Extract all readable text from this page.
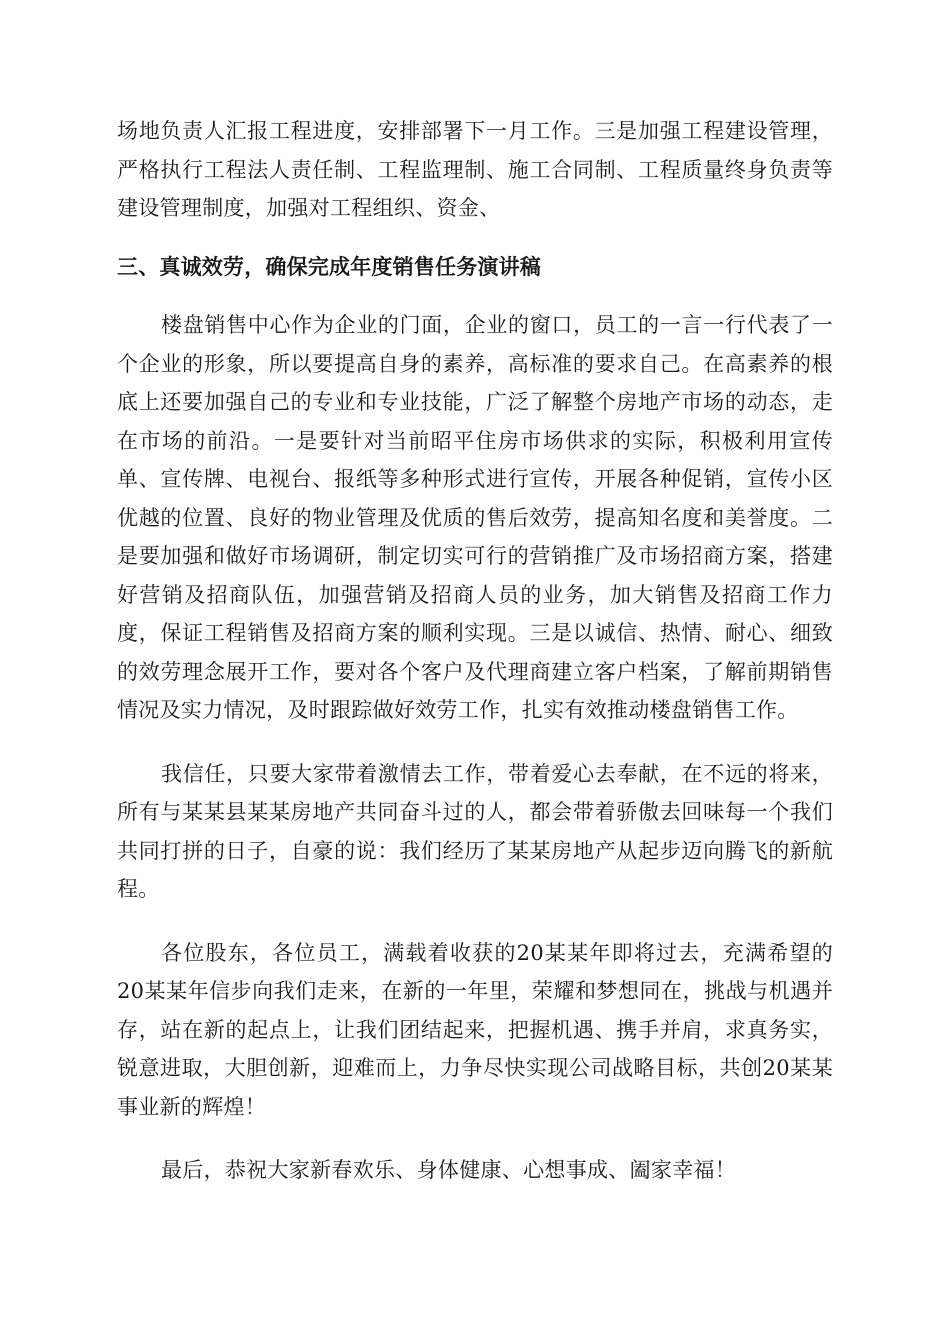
场地负责人汇报工程进度，安排部署下一月工作。三是加强工程建设管理，严格执行工程法人责任制、工程监理制、施工合同制、工程质量终身负责等建设管理制度，加强对工程组织、资金、

三、真诚效劳，确保完成年度销售任务演讲稿

楼盘销售中心作为企业的门面，企业的窗口，员工的一言一行代表了一个企业的形象，所以要提高自身的素养，高标准的要求自己。在高素养的根底上还要加强自己的专业和专业技能，广泛了解整个房地产市场的动态，走在市场的前沿。一是要针对当前昭平住房市场供求的实际，积极利用宣传单、宣传牌、电视台、报纸等多种形式进行宣传，开展各种促销，宣传小区优越的位置、良好的物业管理及优质的售后效劳，提高知名度和美誉度。二是要加强和做好市场调研，制定切实可行的营销推广及市场招商方案，搭建好营销及招商队伍，加强营销及招商人员的业务，加大销售及招商工作力度，保证工程销售及招商方案的顺利实现。三是以诚信、热情、耐心、细致的效劳理念展开工作，要对各个客户及代理商建立客户档案，了解前期销售情况及实力情况，及时跟踪做好效劳工作，扎实有效推动楼盘销售工作。

我信任，只要大家带着激情去工作，带着爱心去奉献，在不远的将来，所有与某某县某某房地产共同奋斗过的人，都会带着骄傲去回味每一个我们共同打拼的日子，自豪的说：我们经历了某某房地产从起步迈向腾飞的新航程。

各位股东，各位员工，满载着收获的20某某年即将过去，充满希望的20某某年信步向我们走来，在新的一年里，荣耀和梦想同在，挑战与机遇并存，站在新的起点上，让我们团结起来，把握机遇、携手并肩，求真务实，锐意进取，大胆创新，迎难而上，力争尽快实现公司战略目标，共创20某某事业新的辉煌！

最后，恭祝大家新春欢乐、身体健康、心想事成、阖家幸福！
